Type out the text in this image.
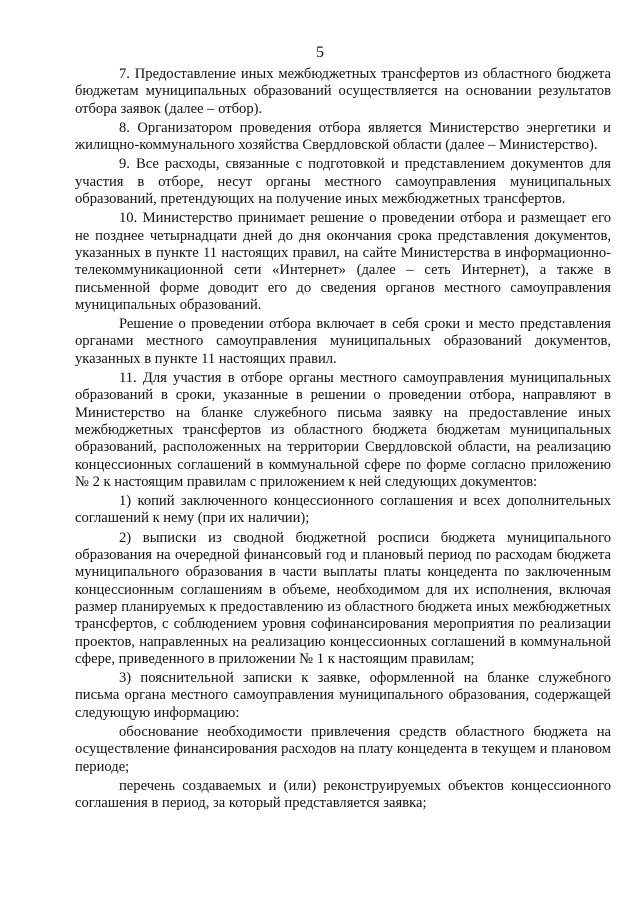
5

7. Предоставление иных межбюджетных трансфертов из областного бюджета бюджетам муниципальных образований осуществляется на основании результатов отбора заявок (далее – отбор).

8. Организатором проведения отбора является Министерство энергетики и жилищно-коммунального хозяйства Свердловской области (далее – Министерство).

9. Все расходы, связанные с подготовкой и представлением документов для участия в отборе, несут органы местного самоуправления муниципальных образований, претендующих на получение иных межбюджетных трансфертов.

10. Министерство принимает решение о проведении отбора и размещает его не позднее четырнадцати дней до дня окончания срока представления документов, указанных в пункте 11 настоящих правил, на сайте Министерства в информационно-телекоммуникационной сети «Интернет» (далее – сеть Интернет), а также в письменной форме доводит его до сведения органов местного самоуправления муниципальных образований.

Решение о проведении отбора включает в себя сроки и место представления органами местного самоуправления муниципальных образований документов, указанных в пункте 11 настоящих правил.

11. Для участия в отборе органы местного самоуправления муниципальных образований в сроки, указанные в решении о проведении отбора, направляют в Министерство на бланке служебного письма заявку на предоставление иных межбюджетных трансфертов из областного бюджета бюджетам муниципальных образований, расположенных на территории Свердловской области, на реализацию концессионных соглашений в коммунальной сфере по форме согласно приложению № 2 к настоящим правилам с приложением к ней следующих документов:

1) копий заключенного концессионного соглашения и всех дополнительных соглашений к нему (при их наличии);

2) выписки из сводной бюджетной росписи бюджета муниципального образования на очередной финансовый год и плановый период по расходам бюджета муниципального образования в части выплаты платы концедента по заключенным концессионным соглашениям в объеме, необходимом для их исполнения, включая размер планируемых к предоставлению из областного бюджета иных межбюджетных трансфертов, с соблюдением уровня софинансирования мероприятия по реализации проектов, направленных на реализацию концессионных соглашений в коммунальной сфере, приведенного в приложении № 1 к настоящим правилам;

3) пояснительной записки к заявке, оформленной на бланке служебного письма органа местного самоуправления муниципального образования, содержащей следующую информацию:

обоснование необходимости привлечения средств областного бюджета на осуществление финансирования расходов на плату концедента в текущем и плановом периоде;

перечень создаваемых и (или) реконструируемых объектов концессионного соглашения в период, за который представляется заявка;
